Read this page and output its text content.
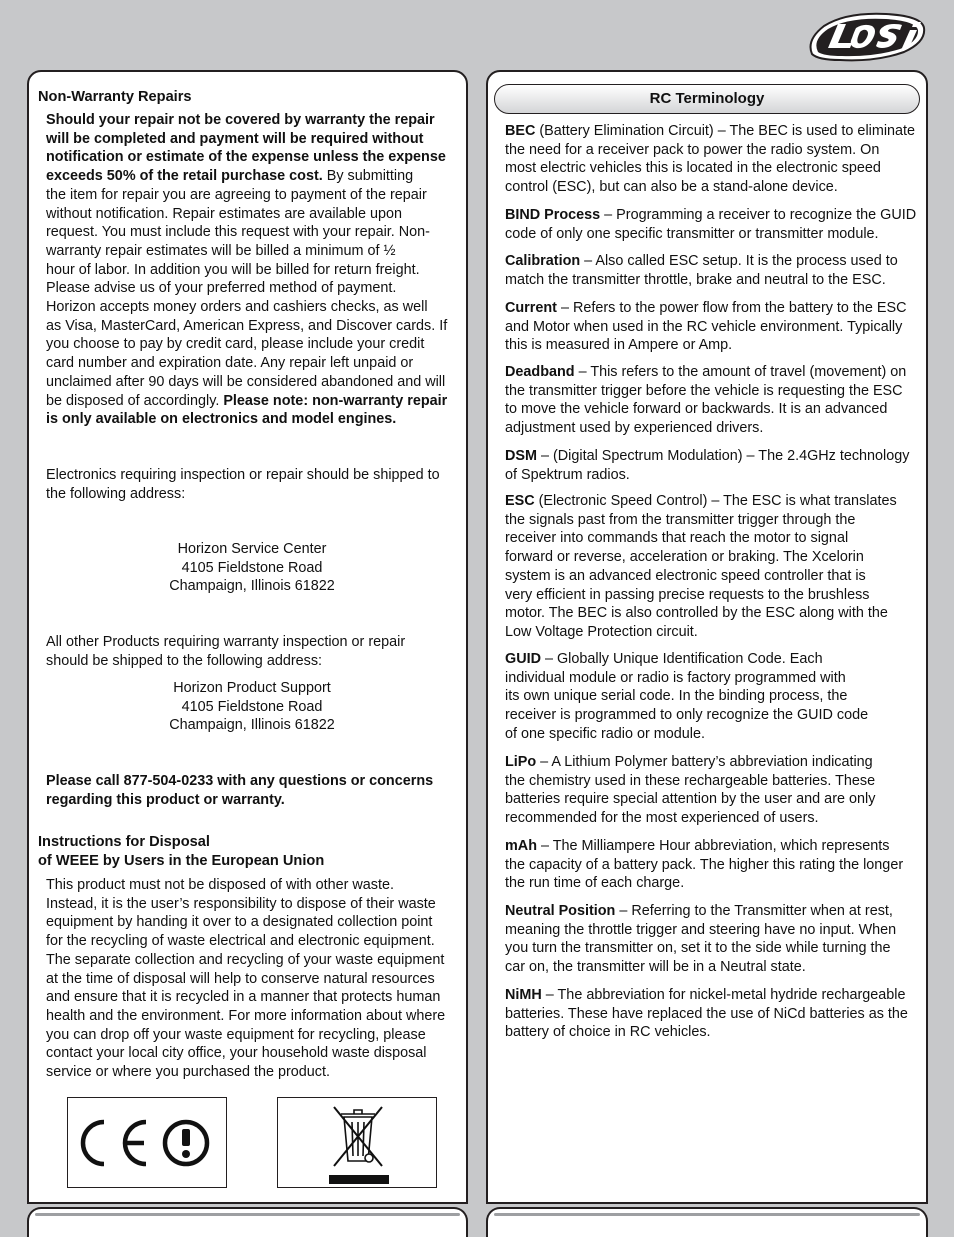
Non-Warranty Repairs

Should your repair not be covered by warranty the repair

will be completed and payment will be required without

notification or estimate of the expense unless the expense

exceeds 50% of the retail purchase cost. By submitting

the item for repair you are agreeing to payment of the repair

without notification. Repair estimates are available upon

request. You must include this request with your repair. Non-

warranty repair estimates will be billed a minimum of ½

hour of labor. In addition you will be billed for return freight.

Please advise us of your preferred method of payment.

Horizon accepts money orders and cashiers checks, as well

as Visa, MasterCard, American Express, and Discover cards. If

you choose to pay by credit card, please include your credit

card number and expiration date. Any repair left unpaid or

unclaimed after 90 days will be considered abandoned and will

be disposed of accordingly. Please note: non-warranty repair

is only available on electronics and model engines.

Electronics requiring inspection or repair should be shipped to

the following address:

Horizon Service Center

4105 Fieldstone Road

Champaign, Illinois 61822

All other Products requiring warranty inspection or repair

should be shipped to the following address:

Horizon Product Support

4105 Fieldstone Road

Champaign, Illinois 61822

Please call 877-504-0233 with any questions or concerns

regarding this product or warranty.

Instructions for Disposal

of WEEE by Users in the European Union

This product must not be disposed of with other waste.

Instead, it is the user’s responsibility to dispose of their waste

equipment by handing it over to a designated collection point

for the recycling of waste electrical and electronic equipment.

The separate collection and recycling of your waste equipment

at the time of disposal will help to conserve natural resources

and ensure that it is recycled in a manner that protects human

health and the environment. For more information about where

you can drop off your waste equipment for recycling, please

contact your local city office, your household waste disposal

service or where you purchased the product.

RC Terminology

BEC (Battery Elimination Circuit) – The BEC is used to eliminate

the need for a receiver pack to power the radio system. On

most electric vehicles this is located in the electronic speed

control (ESC), but can also be a stand-alone device.

BIND Process – Programming a receiver to recognize the GUID

code of only one specific transmitter or transmitter module.

Calibration – Also called ESC setup. It is the process used to

match the transmitter throttle, brake and neutral to the ESC.

Current – Refers to the power flow from the battery to the ESC

and Motor when used in the RC vehicle environment. Typically

this is measured in Ampere or Amp.

Deadband – This refers to the amount of travel (movement) on

the transmitter trigger before the vehicle is requesting the ESC

to move the vehicle forward or backwards. It is an advanced

adjustment used by experienced drivers.

DSM – (Digital Spectrum Modulation) – The 2.4GHz technology

of Spektrum radios.

ESC (Electronic Speed Control) – The ESC is what translates

the signals past from the transmitter trigger through the

receiver into commands that reach the motor to signal

forward or reverse, acceleration or braking. The Xcelorin

system is an advanced electronic speed controller that is

very efficient in passing precise requests to the brushless

motor. The BEC is also controlled by the ESC along with the

Low Voltage Protection circuit.

GUID – Globally Unique Identification Code. Each

individual module or radio is factory programmed with

its own unique serial code. In the binding process, the

receiver is programmed to only recognize the GUID code

of one specific radio or module.

LiPo – A Lithium Polymer battery’s abbreviation indicating

the chemistry used in these rechargeable batteries. These

batteries require special attention by the user and are only

recommended for the most experienced of users.

mAh – The Milliampere Hour abbreviation, which represents

the capacity of a battery pack. The higher this rating the longer

the run time of each charge.

Neutral Position – Referring to the Transmitter when at rest,

meaning the throttle trigger and steering have no input. When

you turn the transmitter on, set it to the side while turning the

car on, the transmitter will be in a Neutral state.

NiMH – The abbreviation for nickel-metal hydride rechargeable

batteries. These have replaced the use of NiCd batteries as the

battery of choice in RC vehicles.
